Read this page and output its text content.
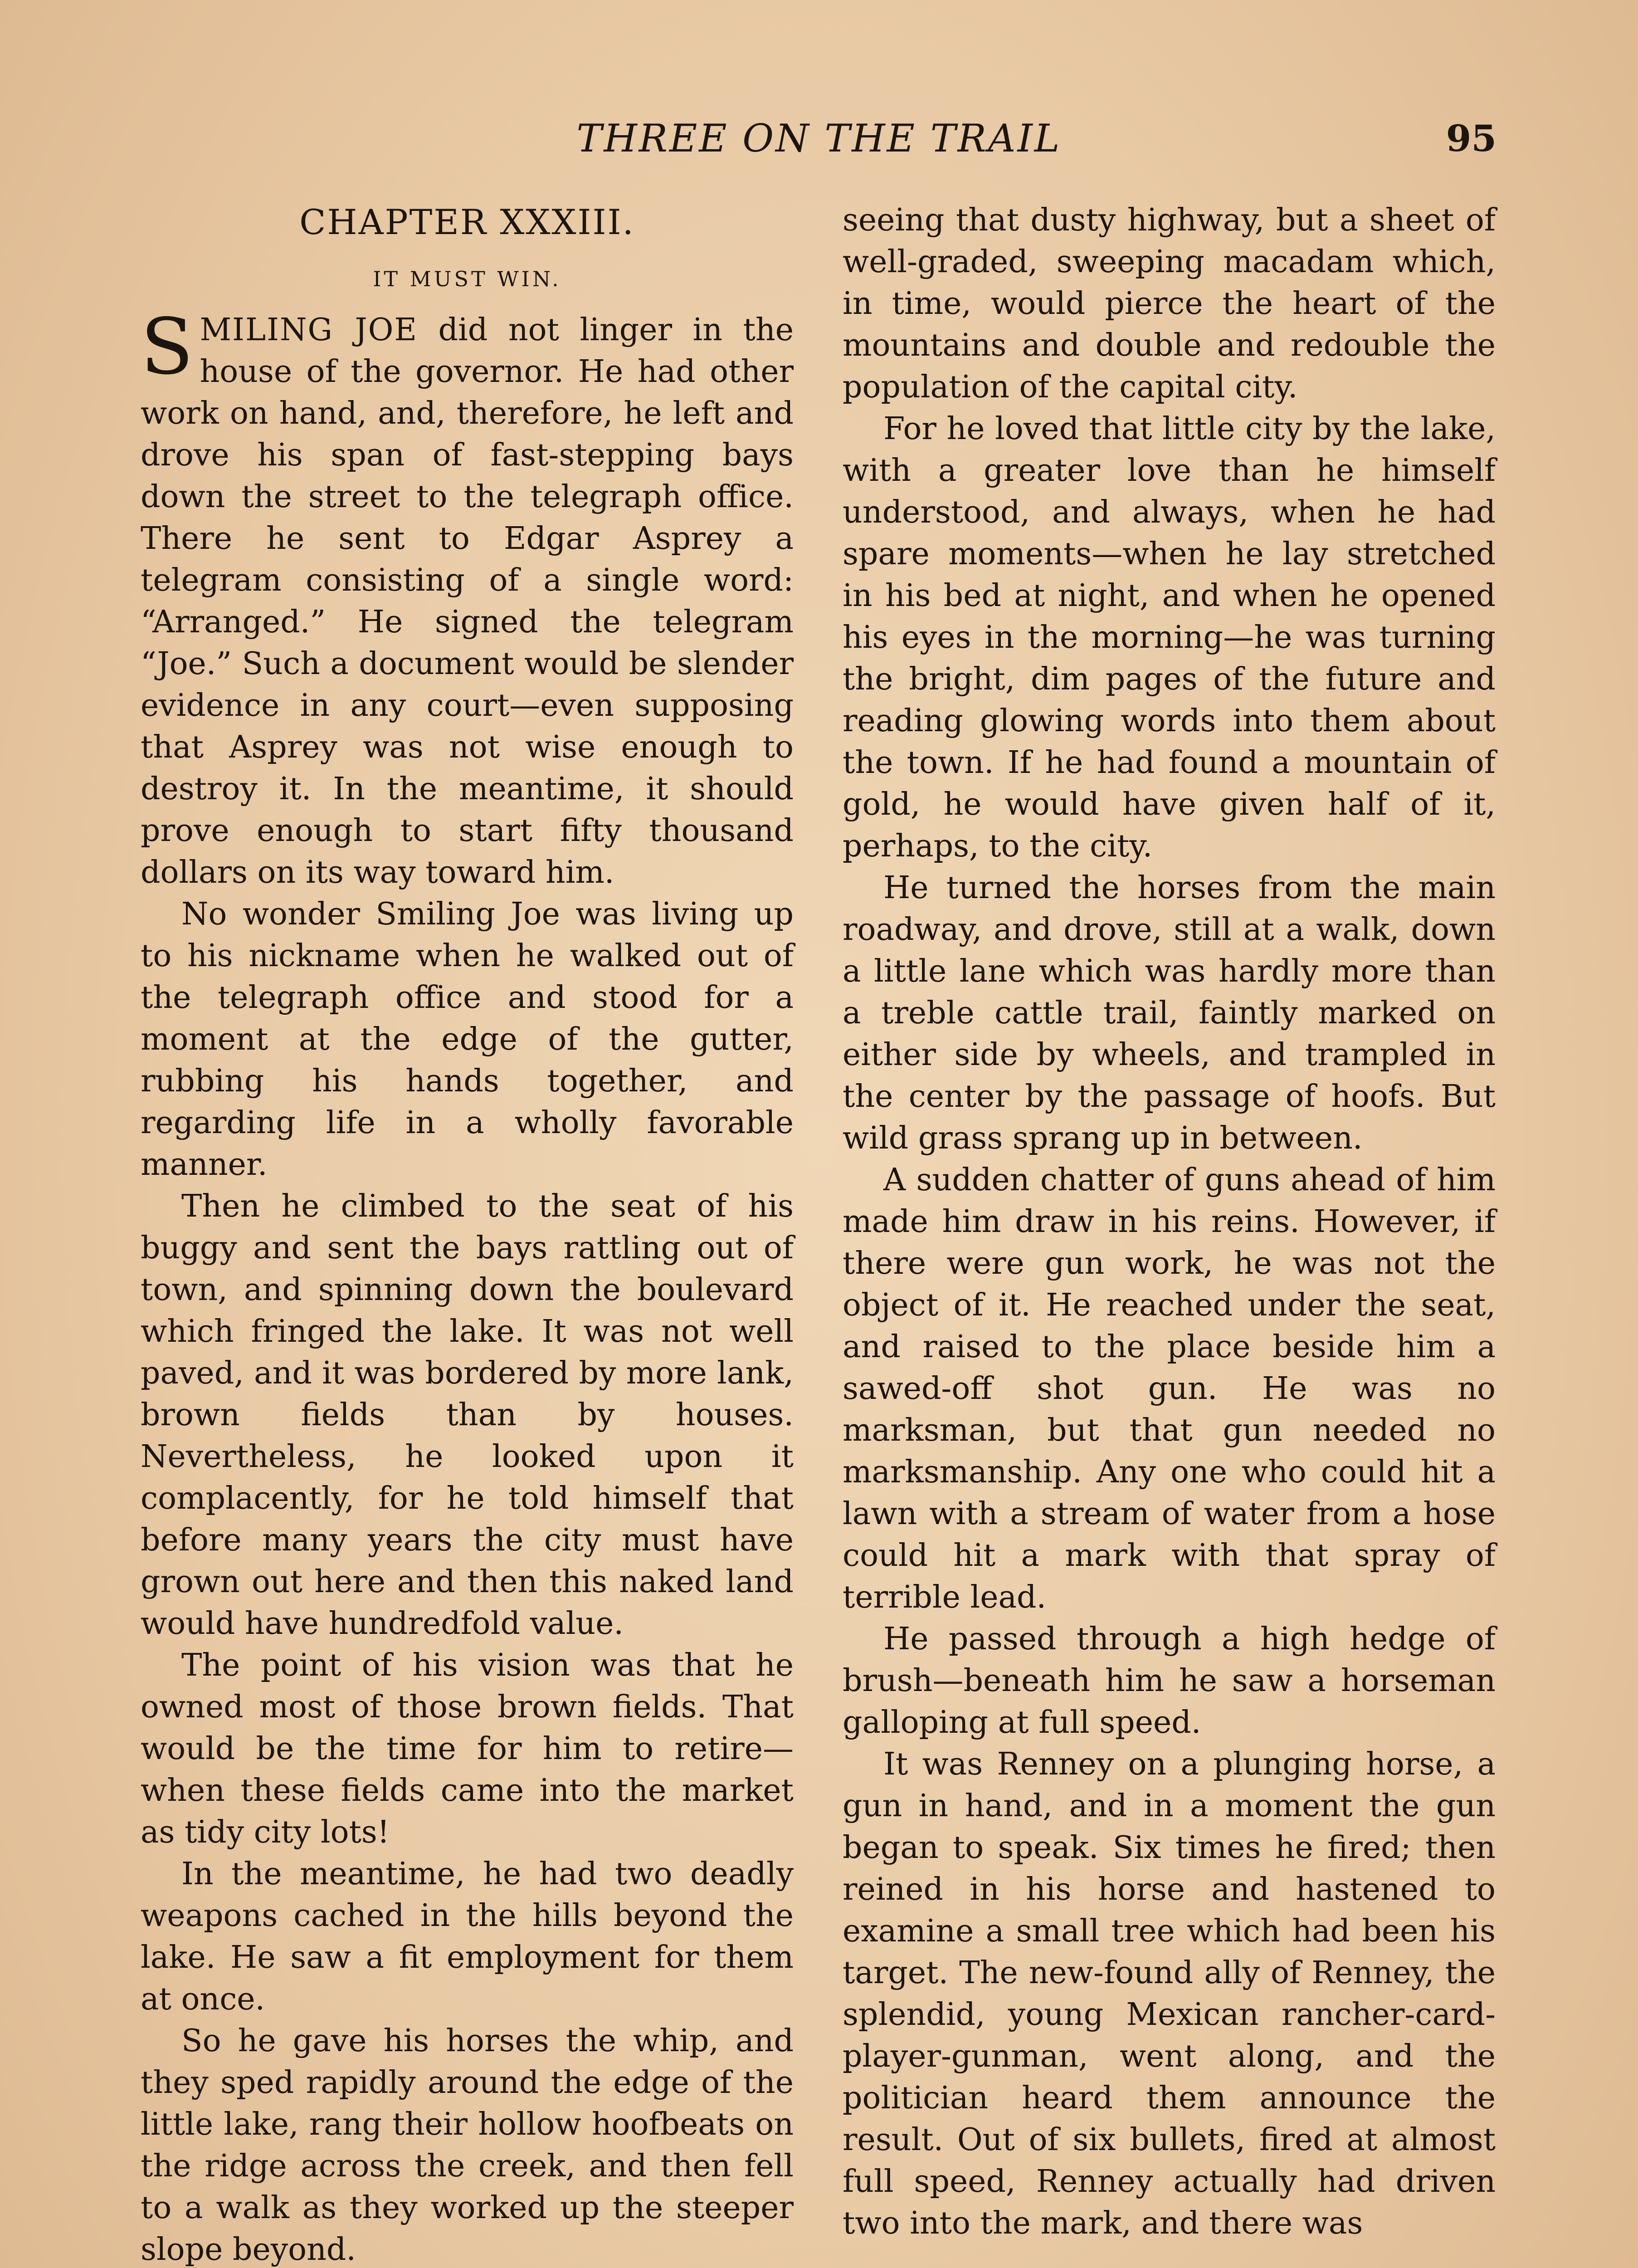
THREE ON THE TRAIL	95
CHAPTER XXXIII.
IT MUST WIN.

SMILING JOE did not linger in the house of the governor. He had other work on hand, and, therefore, he left and drove his span of fast-stepping bays down the street to the telegraph office. There he sent to Edgar Asprey a telegram consisting of a single word: “Arranged.” He signed the telegram “Joe.” Such a document would be slender evidence in any court—even supposing that Asprey was not wise enough to destroy it. In the meantime, it should prove enough to start fifty thousand dollars on its way toward him.

No wonder Smiling Joe was living up to his nickname when he walked out of the telegraph office and stood for a moment at the edge of the gutter, rubbing his hands together, and regarding life in a wholly favorable manner.

Then he climbed to the seat of his buggy and sent the bays rattling out of town, and spinning down the boulevard which fringed the lake. It was not well paved, and it was bordered by more lank, brown fields than by houses. Nevertheless, he looked upon it complacently, for he told himself that before many years the city must have grown out here and then this naked land would have hundredfold value.

The point of his vision was that he owned most of those brown fields. That would be the time for him to retire—when these fields came into the market as tidy city lots!

In the meantime, he had two deadly weapons cached in the hills beyond the lake. He saw a fit employment for them at once.

So he gave his horses the whip, and they sped rapidly around the edge of the little lake, rang their hollow hoofbeats on the ridge across the creek, and then fell to a walk as they worked up the steeper slope beyond.

seeing that dusty highway, but a sheet of well-graded, sweeping macadam which, in time, would pierce the heart of the mountains and double and redouble the population of the capital city.

For he loved that little city by the lake, with a greater love than he himself understood, and always, when he had spare moments—when he lay stretched in his bed at night, and when he opened his eyes in the morning—he was turning the bright, dim pages of the future and reading glowing words into them about the town. If he had found a mountain of gold, he would have given half of it, perhaps, to the city.

He turned the horses from the main roadway, and drove, still at a walk, down a little lane which was hardly more than a treble cattle trail, faintly marked on either side by wheels, and trampled in the center by the passage of hoofs. But wild grass sprang up in between.

A sudden chatter of guns ahead of him made him draw in his reins. However, if there were gun work, he was not the object of it. He reached under the seat, and raised to the place beside him a sawed-off shot gun. He was no marksman, but that gun needed no marksmanship. Any one who could hit a lawn with a stream of water from a hose could hit a mark with that spray of terrible lead.

He passed through a high hedge of brush—beneath him he saw a horseman galloping at full speed.

It was Renney on a plunging horse, a gun in hand, and in a moment the gun began to speak. Six times he fired; then reined in his horse and hastened to examine a small tree which had been his target. The new-found ally of Renney, the splendid, young Mexican rancher-card-player-gunman, went along, and the politician heard them announce the result. Out of six bullets, fired at almost full speed, Renney actually had driven two into the mark, and there was
